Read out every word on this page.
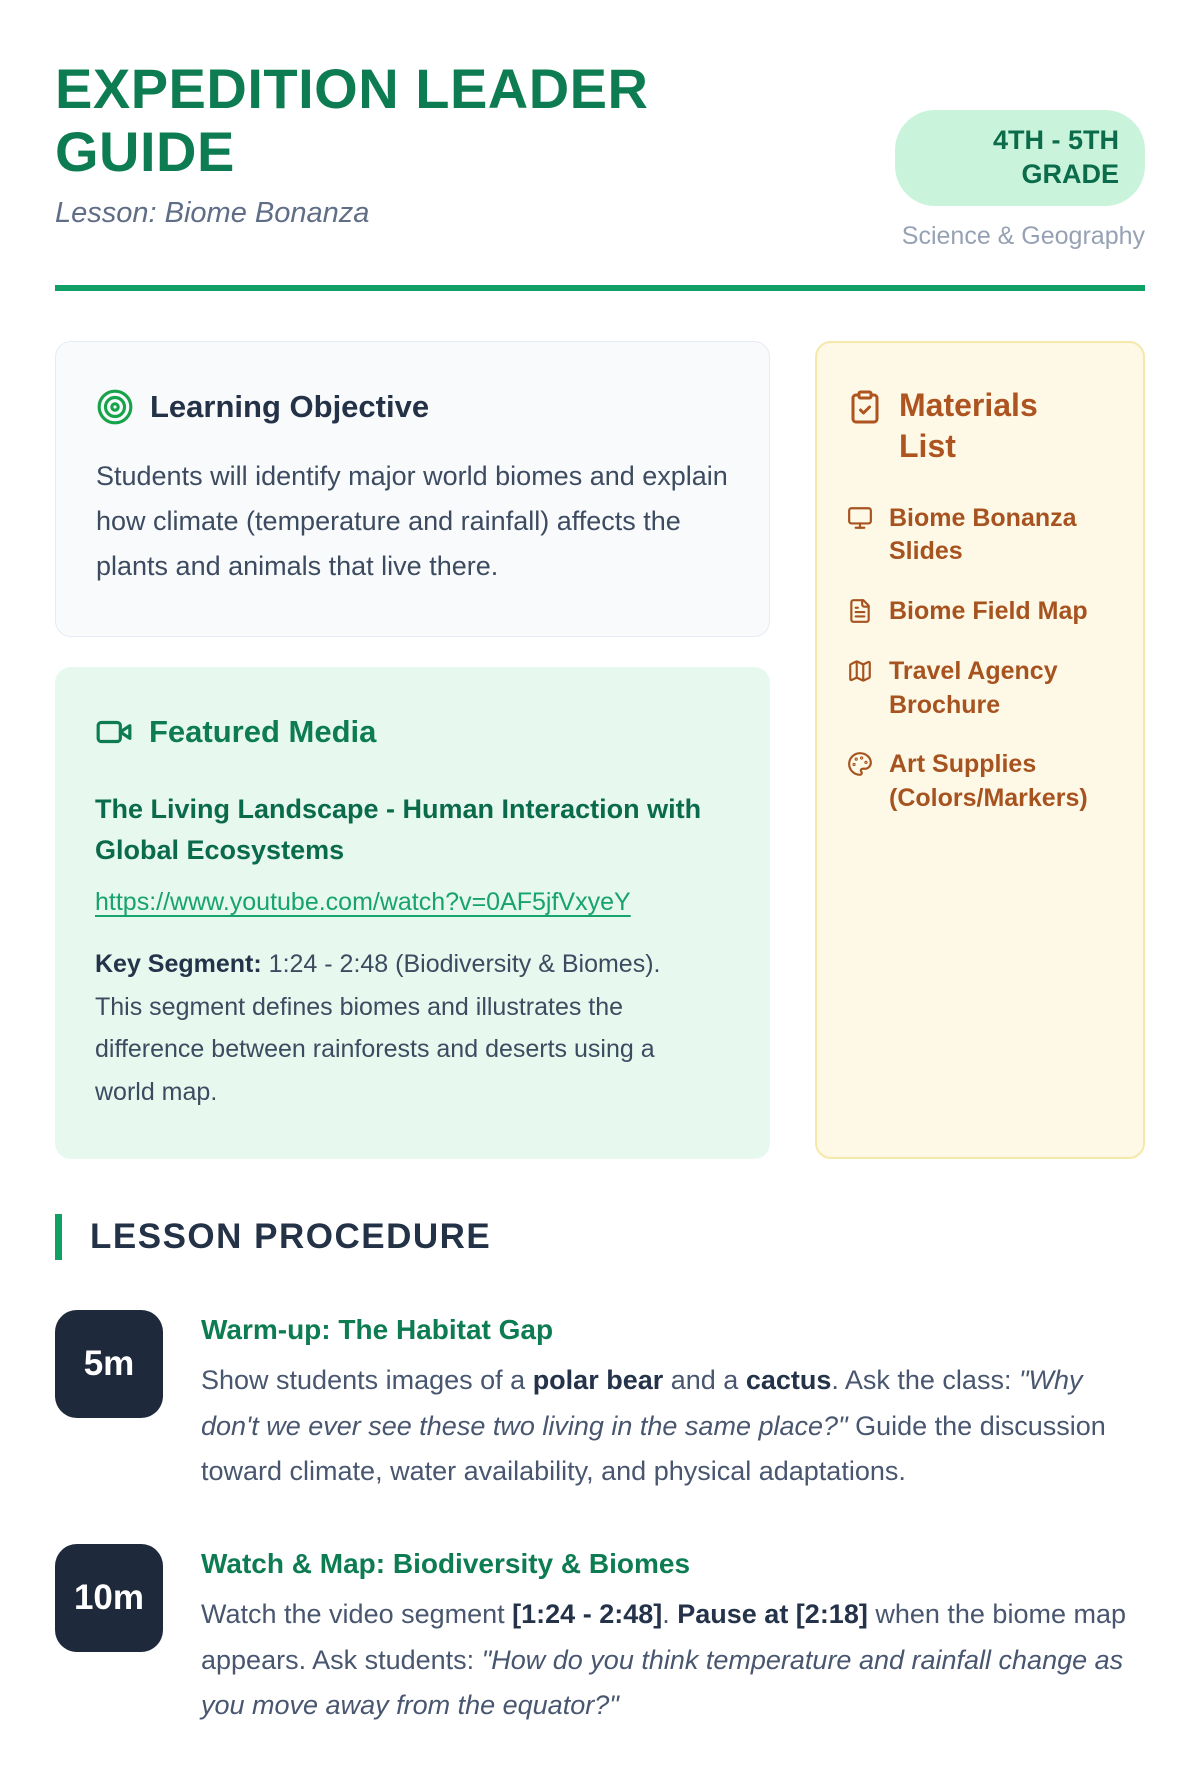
EXPEDITION LEADER GUIDE
Lesson: Biome Bonanza
4TH - 5TH GRADE
Science & Geography
Learning Objective

Students will identify major world biomes and explain how climate (temperature and rainfall) affects the plants and animals that live there.

Featured Media
The Living Landscape - Human Interaction with Global Ecosystems
https://www.youtube.com/watch?v=0AF5jfVxyeY

Key Segment: 1:24 - 2:48 (Biodiversity & Biomes). This segment defines biomes and illustrates the difference between rainforests and deserts using a world map.

Materials List
Biome Bonanza Slides
Biome Field Map
Travel Agency Brochure
Art Supplies (Colors/Markers)
LESSON PROCEDURE
5m
Warm-up: The Habitat Gap

Show students images of a polar bear and a cactus. Ask the class: "Why don't we ever see these two living in the same place?" Guide the discussion toward climate, water availability, and physical adaptations.

10m
Watch & Map: Biodiversity & Biomes

Watch the video segment [1:24 - 2:48]. Pause at [2:18] when the biome map appears. Ask students: "How do you think temperature and rainfall change as you move away from the equator?"
